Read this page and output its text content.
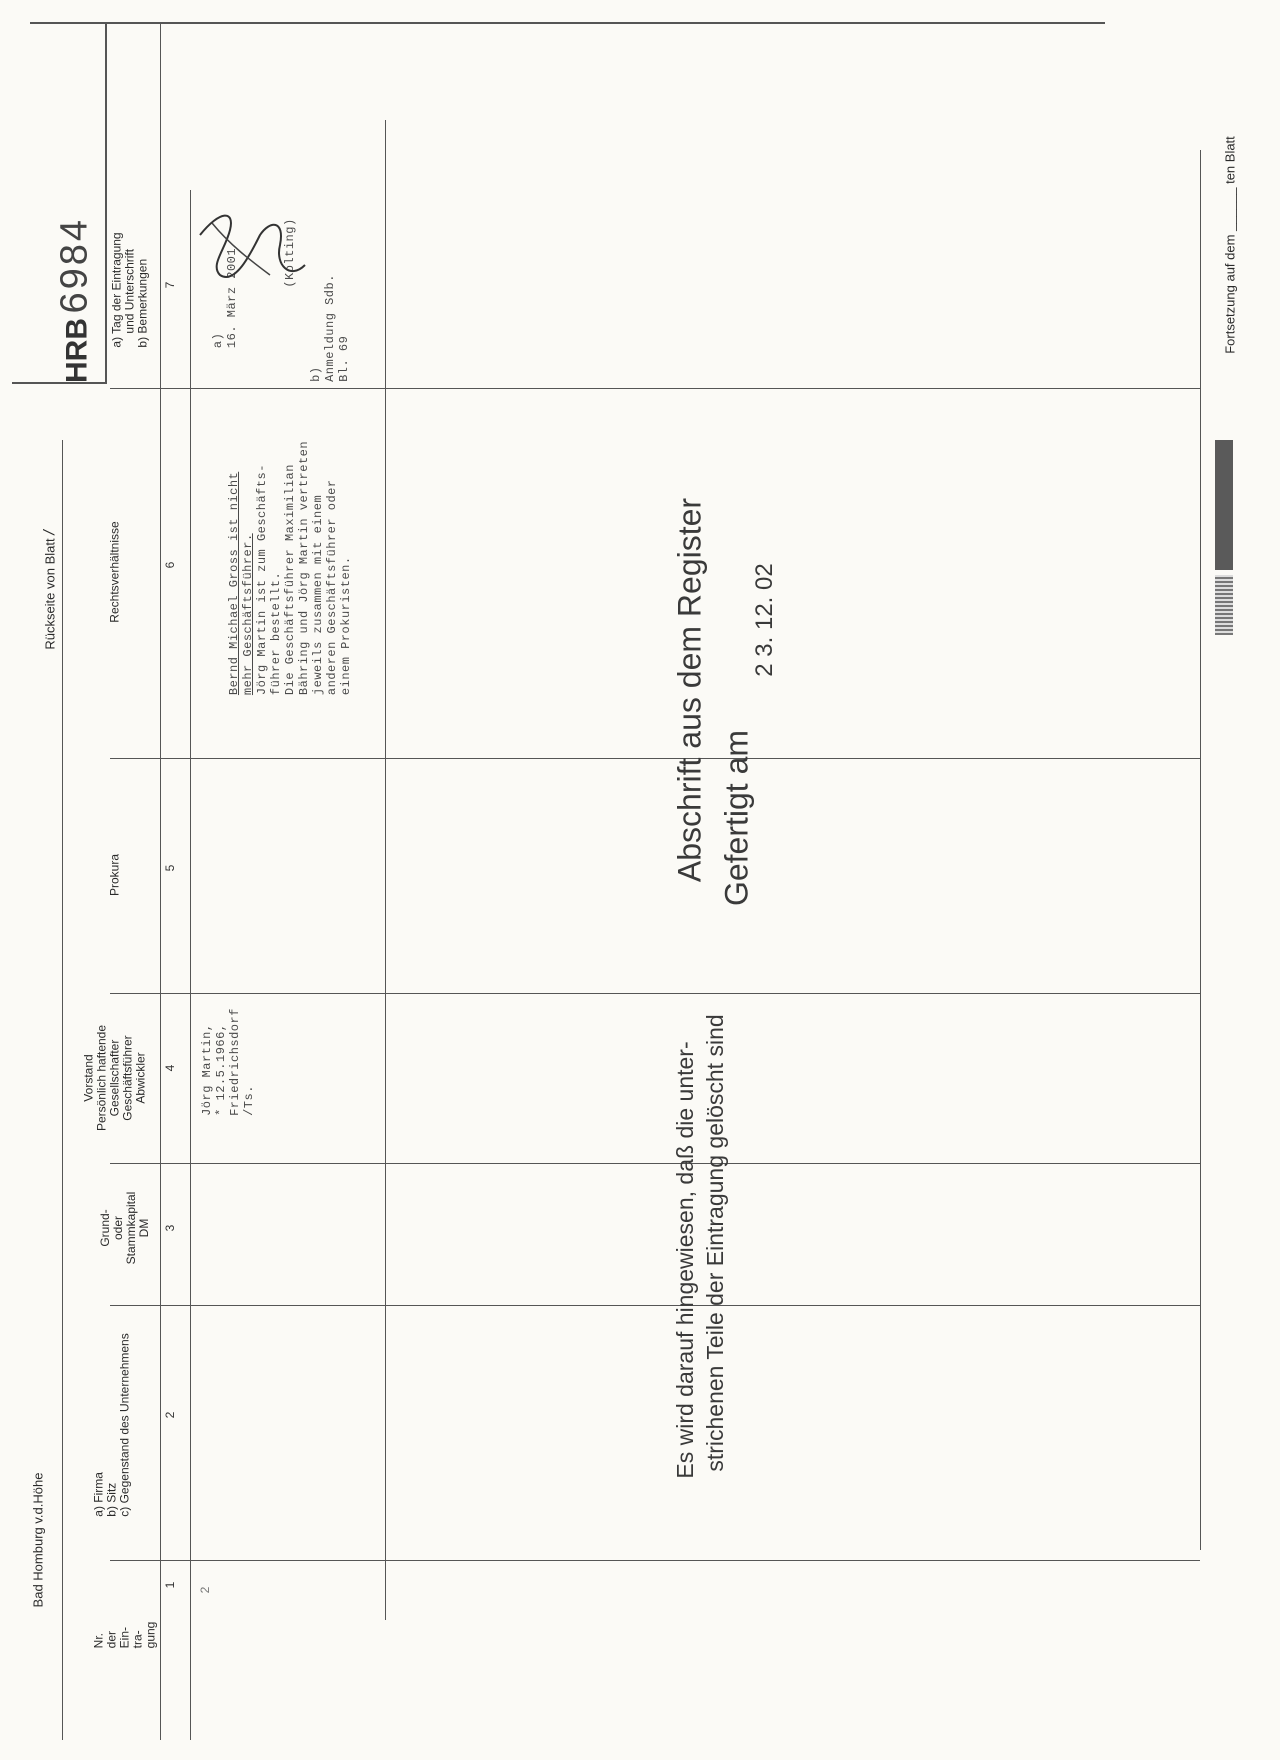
Bad Homburg v.d.Höhe
Rückseite von Blatt /
HRB 6984
Nr. der Ein- tra- gung
a) Firma b) Sitz c) Gegenstand des Unternehmens
Grund- oder Stammkapital DM
Vorstand Persönlich haftende Gesellschafter Geschäftsführer Abwickler
Prokura
Rechtsverhältnisse
a) Tag der Eintragung und Unterschrift b) Bemerkungen
1
2
3
4
5
6
7
2
Jörg Martin, * 12.5.1966, Friedrichsdorf /Ts.
Bernd Michael Gross ist nicht mehr Geschäftsführer. Jörg Martin ist zum Geschäfts- führer bestellt. Die Geschäftsführer Maximilian Bähring und Jörg Martin vertreten jeweils zusammen mit einem anderen Geschäftsführer oder einem Prokuristen.
a) 16. März 2001	(Kolting)
b) Anmeldung Sdb. Bl. 69
Abschrift aus dem Register Gefertigt am
2 3. 12. 02
Es wird darauf hingewiesen, daß die unter- strichenen Teile der Eintragung gelöscht sind
Fortsetzung auf dem ______ ten Blatt
